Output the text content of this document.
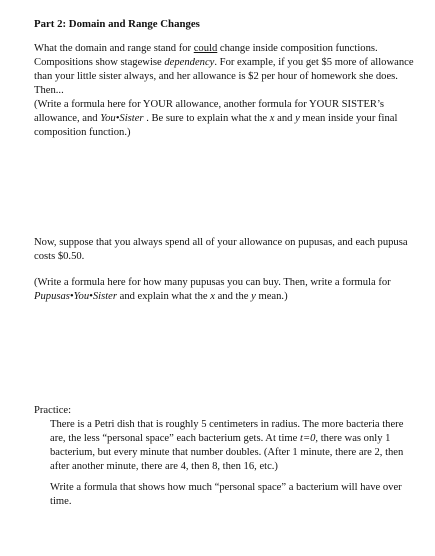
Part 2: Domain and Range Changes

What the domain and range stand for could change inside composition functions. Compositions show stagewise dependency. For example, if you get $5 more of allowance than your little sister always, and her allowance is $2 per hour of homework she does. Then...

(Write a formula here for YOUR allowance, another formula for YOUR SISTER’s allowance, and You•Sister . Be sure to explain what the x and y mean inside your final composition function.)

Now, suppose that you always spend all of your allowance on pupusas, and each pupusa costs $0.50.

(Write a formula here for how many pupusas you can buy. Then, write a formula for Pupusas•You•Sister and explain what the x and the y mean.)

Practice:

There is a Petri dish that is roughly 5 centimeters in radius. The more bacteria there are, the less “personal space” each bacterium gets. At time t=0, there was only 1 bacterium, but every minute that number doubles. (After 1 minute, there are 2, then after another minute, there are 4, then 8, then 16, etc.)

Write a formula that shows how much “personal space” a bacterium will have over time.
